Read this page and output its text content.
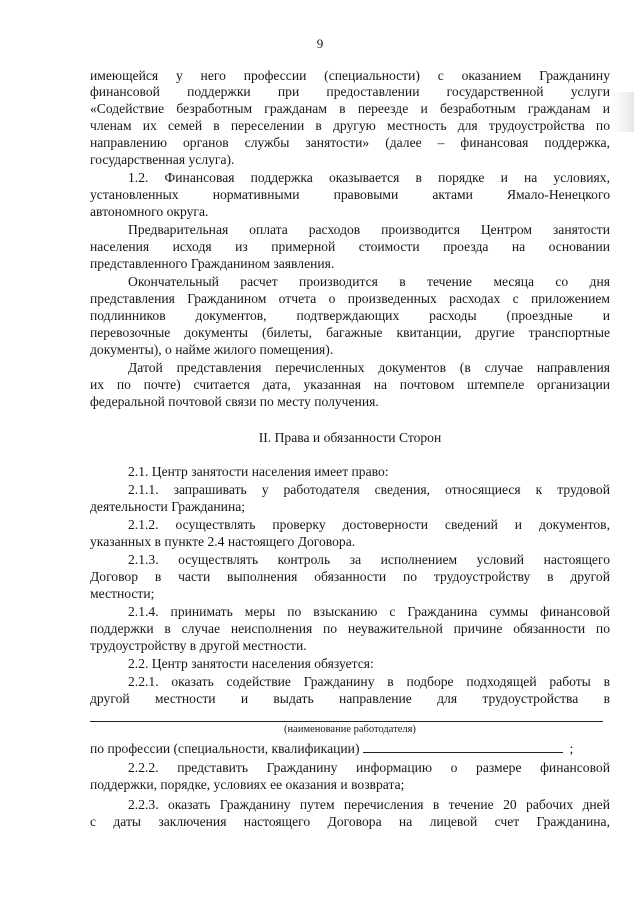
9
имеющейся у него профессии (специальности) с оказанием Гражданину
финансовой поддержки при предоставлении государственной услуги
«Содействие безработным гражданам в переезде и безработным гражданам и
членам их семей в переселении в другую местность для трудоустройства по
направлению органов службы занятости» (далее – финансовая поддержка,
государственная услуга).
1.2. Финансовая поддержка оказывается в порядке и на условиях,
установленных нормативными правовыми актами Ямало-Ненецкого
автономного округа.
Предварительная оплата расходов производится Центром занятости
населения исходя из примерной стоимости проезда на основании
представленного Гражданином заявления.
Окончательный расчет производится в течение месяца со дня
представления Гражданином отчета о произведенных расходах с приложением
подлинников документов, подтверждающих расходы (проездные и
перевозочные документы (билеты, багажные квитанции, другие транспортные
документы), о найме жилого помещения).
Датой представления перечисленных документов (в случае направления
их по почте) считается дата, указанная на почтовом штемпеле организации
федеральной почтовой связи по месту получения.
II. Права и обязанности Сторон
2.1. Центр занятости населения имеет право:
2.1.1. запрашивать у работодателя сведения, относящиеся к трудовой
деятельности Гражданина;
2.1.2. осуществлять проверку достоверности сведений и документов,
указанных в пункте 2.4 настоящего Договора.
2.1.3. осуществлять контроль за исполнением условий настоящего
Договор в части выполнения обязанности по трудоустройству в другой
местности;
2.1.4. принимать меры по взысканию с Гражданина суммы финансовой
поддержки в случае неисполнения по неуважительной причине обязанности по
трудоустройству в другой местности.
2.2. Центр занятости населения обязуется:
2.2.1. оказать содействие Гражданину в подборе подходящей работы в
другой местности и выдать направление для трудоустройства в
(наименование работодателя)
по профессии (специальности, квалификации)	;
2.2.2. представить Гражданину информацию о размере финансовой
поддержки, порядке, условиях ее оказания и возврата;
2.2.3. оказать Гражданину путем перечисления в течение 20 рабочих дней
с даты заключения настоящего Договора на лицевой счет Гражданина,
